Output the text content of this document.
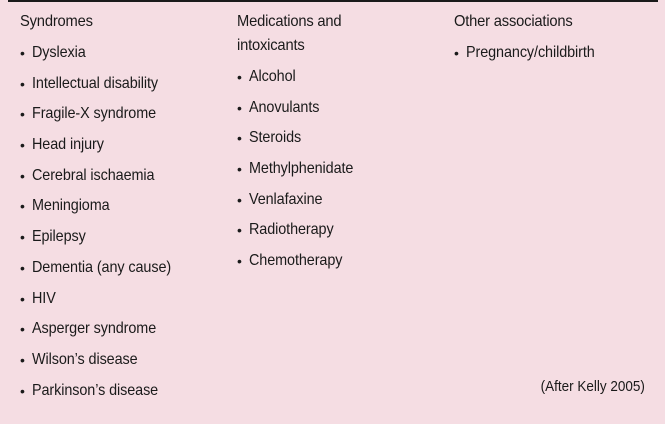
Syndromes
• Dyslexia
• Intellectual disability
• Fragile-X syndrome
• Head injury
• Cerebral ischaemia
• Meningioma
• Epilepsy
• Dementia (any cause)
• HIV
• Asperger syndrome
• Wilson’s disease
• Parkinson’s disease
Medications and intoxicants
• Alcohol
• Anovulants
• Steroids
• Methylphenidate
• Venlafaxine
• Radiotherapy
• Chemotherapy
Other associations
• Pregnancy/childbirth
(After Kelly 2005)
